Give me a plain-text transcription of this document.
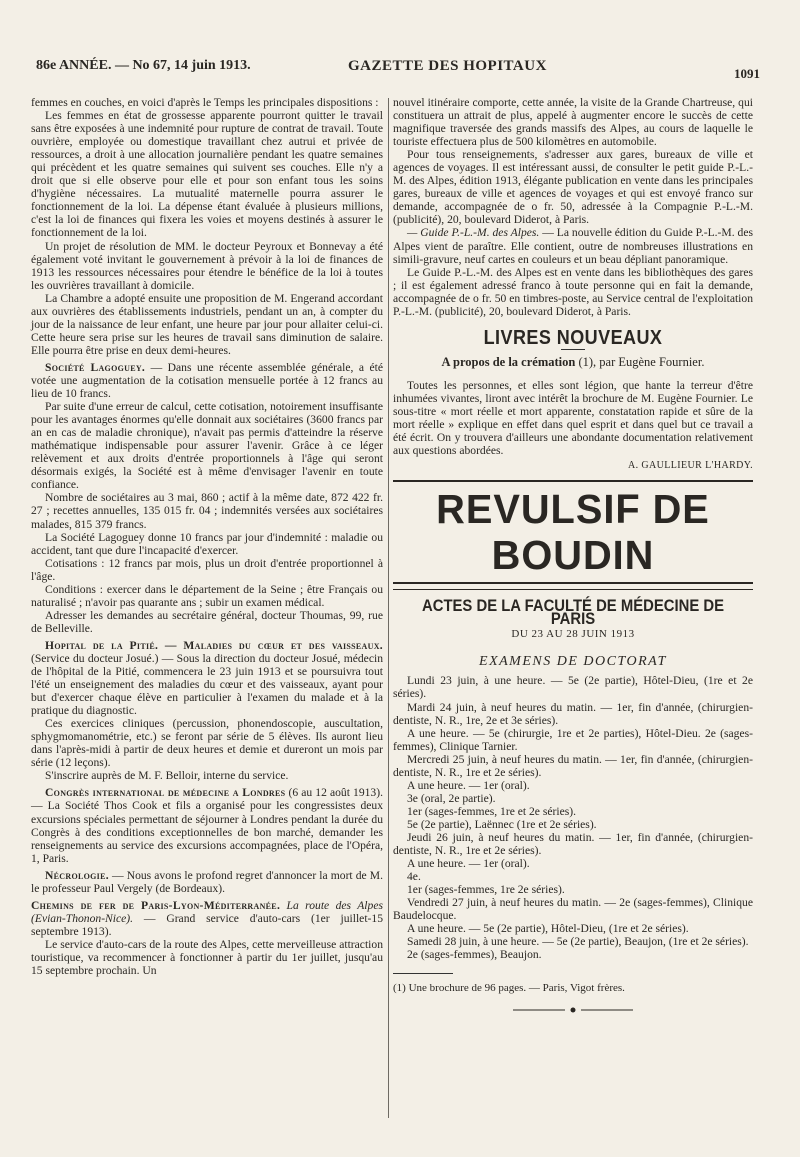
86e ANNÉE. — No 67, 14 juin 1913.	GAZETTE DES HOPITAUX	1091

femmes en couches, en voici d'après le Temps les principales dispositions :

Les femmes en état de grossesse apparente pourront quitter le travail sans être exposées à une indemnité pour rupture de contrat de travail. Toute ouvrière, employée ou domestique travaillant chez autrui et privée de ressources, a droit à une allocation journalière pendant les quatre semaines qui précèdent et les quatre semaines qui suivent ses couches. Elle n'y a droit que si elle observe pour elle et pour son enfant tous les soins d'hygiène nécessaires. La mutualité maternelle pourra assurer le fonctionnement de la loi. La dépense étant évaluée à plusieurs millions, c'est la loi de finances qui fixera les voies et moyens destinés à assurer le fonctionnement de la loi.

Un projet de résolution de MM. le docteur Peyroux et Bonnevay a été également voté invitant le gouvernement à prévoir à la loi de finances de 1913 les ressources nécessaires pour étendre le bénéfice de la loi à toutes les ouvrières travaillant à domicile.

La Chambre a adopté ensuite une proposition de M. Engerand accordant aux ouvrières des établissements industriels, pendant un an, à compter du jour de la naissance de leur enfant, une heure par jour pour allaiter celui-ci. Cette heure sera prise sur les heures de travail sans diminution de salaire. Elle pourra être prise en deux demi-heures.

Société Lagoguey. — Dans une récente assemblée générale, a été votée une augmentation de la cotisation mensuelle portée à 12 francs au lieu de 10 francs.

Par suite d'une erreur de calcul, cette cotisation, notoirement insuffisante pour les avantages énormes qu'elle donnait aux sociétaires (3600 francs par an en cas de maladie chronique), n'avait pas permis d'atteindre la réserve mathématique indispensable pour assurer l'avenir. Grâce à ce léger relèvement et aux droits d'entrée proportionnels à l'âge qui seront désormais exigés, la Société est à même d'envisager l'avenir en toute confiance.

Nombre de sociétaires au 3 mai, 860 ; actif à la même date, 872 422 fr. 27 ; recettes annuelles, 135 015 fr. 04 ; indemnités versées aux sociétaires malades, 815 379 francs.

La Société Lagoguey donne 10 francs par jour d'indemnité : maladie ou accident, tant que dure l'incapacité d'exercer.

Cotisations : 12 francs par mois, plus un droit d'entrée proportionnel à l'âge.

Conditions : exercer dans le département de la Seine ; être Français ou naturalisé ; n'avoir pas quarante ans ; subir un examen médical.

Adresser les demandes au secrétaire général, docteur Thoumas, 99, rue de Belleville.

Hopital de la Pitié. — Maladies du cœur et des vaisseaux. (Service du docteur Josué.) — Sous la direction du docteur Josué, médecin de l'hôpital de la Pitié, commencera le 23 juin 1913 et se poursuivra tout l'été un enseignement des maladies du cœur et des vaisseaux, ayant pour but d'exercer chaque élève en particulier à l'examen du malade et à la pratique du diagnostic.

Ces exercices cliniques (percussion, phonendoscopie, auscultation, sphygmomanométrie, etc.) se feront par série de 5 élèves. Ils auront lieu dans l'après-midi à partir de deux heures et demie et dureront un mois par série (12 leçons).

S'inscrire auprès de M. F. Belloir, interne du service.

Congrès international de médecine a Londres (6 au 12 août 1913). — La Société Thos Cook et fils a organisé pour les congressistes deux excursions spéciales permettant de séjourner à Londres pendant la durée du Congrès à des conditions exceptionnelles de bon marché, demander les renseignements au service des excursions accompagnées, place de l'Opéra, 1, Paris.

Nécrologie. — Nous avons le profond regret d'annoncer la mort de M. le professeur Paul Vergely (de Bordeaux).

Chemins de fer de Paris-Lyon-Méditerranée. La route des Alpes (Evian-Thonon-Nice). — Grand service d'auto-cars (1er juillet-15 septembre 1913).

Le service d'auto-cars de la route des Alpes, cette merveilleuse attraction touristique, va recommencer à fonctionner à partir du 1er juillet, jusqu'au 15 septembre prochain. Un

nouvel itinéraire comporte, cette année, la visite de la Grande Chartreuse, qui constituera un attrait de plus, appelé à augmenter encore le succès de cette magnifique traversée des grands massifs des Alpes, au cours de laquelle le touriste effectuera plus de 500 kilomètres en automobile.

Pour tous renseignements, s'adresser aux gares, bureaux de ville et agences de voyages. Il est intéressant aussi, de consulter le petit guide P.-L.-M. des Alpes, édition 1913, élégante publication en vente dans les principales gares, bureaux de ville et agences de voyages et qui est envoyé franco sur demande, accompagnée de o fr. 50, adressée à la Compagnie P.-L.-M. (publicité), 20, boulevard Diderot, à Paris.

— Guide P.-L.-M. des Alpes. — La nouvelle édition du Guide P.-L.-M. des Alpes vient de paraître. Elle contient, outre de nombreuses illustrations en simili-gravure, neuf cartes en couleurs et un beau dépliant panoramique.

Le Guide P.-L.-M. des Alpes est en vente dans les bibliothèques des gares ; il est également adressé franco à toute personne qui en fait la demande, accompagnée de o fr. 50 en timbres-poste, au Service central de l'exploitation P.-L.-M. (publicité), 20, boulevard Diderot, à Paris.

LIVRES NOUVEAUX
A propos de la crémation (1), par Eugène Fournier.

Toutes les personnes, et elles sont légion, que hante la terreur d'être inhumées vivantes, liront avec intérêt la brochure de M. Eugène Fournier. Le sous-titre « mort réelle et mort apparente, constatation rapide et sûre de la mort réelle » explique en effet dans quel esprit et dans quel but ce travail a été écrit. On y trouvera d'ailleurs une abondante documentation relativement aux questions abordées.

A. GAULLIEUR L'HARDY.
REVULSIF DE BOUDIN
ACTES DE LA FACULTÉ DE MÉDECINE DE PARIS
DU 23 AU 28 JUIN 1913
EXAMENS DE DOCTORAT

Lundi 23 juin, à une heure. — 5e (2e partie), Hôtel-Dieu, (1re et 2e séries).

Mardi 24 juin, à neuf heures du matin. — 1er, fin d'année, (chirurgien-dentiste, N. R., 1re, 2e et 3e séries).

A une heure. — 5e (chirurgie, 1re et 2e parties), Hôtel-Dieu. 2e (sages-femmes), Clinique Tarnier.

Mercredi 25 juin, à neuf heures du matin. — 1er, fin d'année, (chirurgien-dentiste, N. R., 1re et 2e séries).

A une heure. — 1er (oral).

3e (oral, 2e partie).

1er (sages-femmes, 1re et 2e séries).

5e (2e partie), Laënnec (1re et 2e séries).

Jeudi 26 juin, à neuf heures du matin. — 1er, fin d'année, (chirurgien-dentiste, N. R., 1re et 2e séries).

A une heure. — 1er (oral).

4e.

1er (sages-femmes, 1re 2e séries).

Vendredi 27 juin, à neuf heures du matin. — 2e (sages-femmes), Clinique Baudelocque.

A une heure. — 5e (2e partie), Hôtel-Dieu, (1re et 2e séries).

Samedi 28 juin, à une heure. — 5e (2e partie), Beaujon, (1re et 2e séries).

2e (sages-femmes), Beaujon.

(1) Une brochure de 96 pages. — Paris, Vigot frères.
